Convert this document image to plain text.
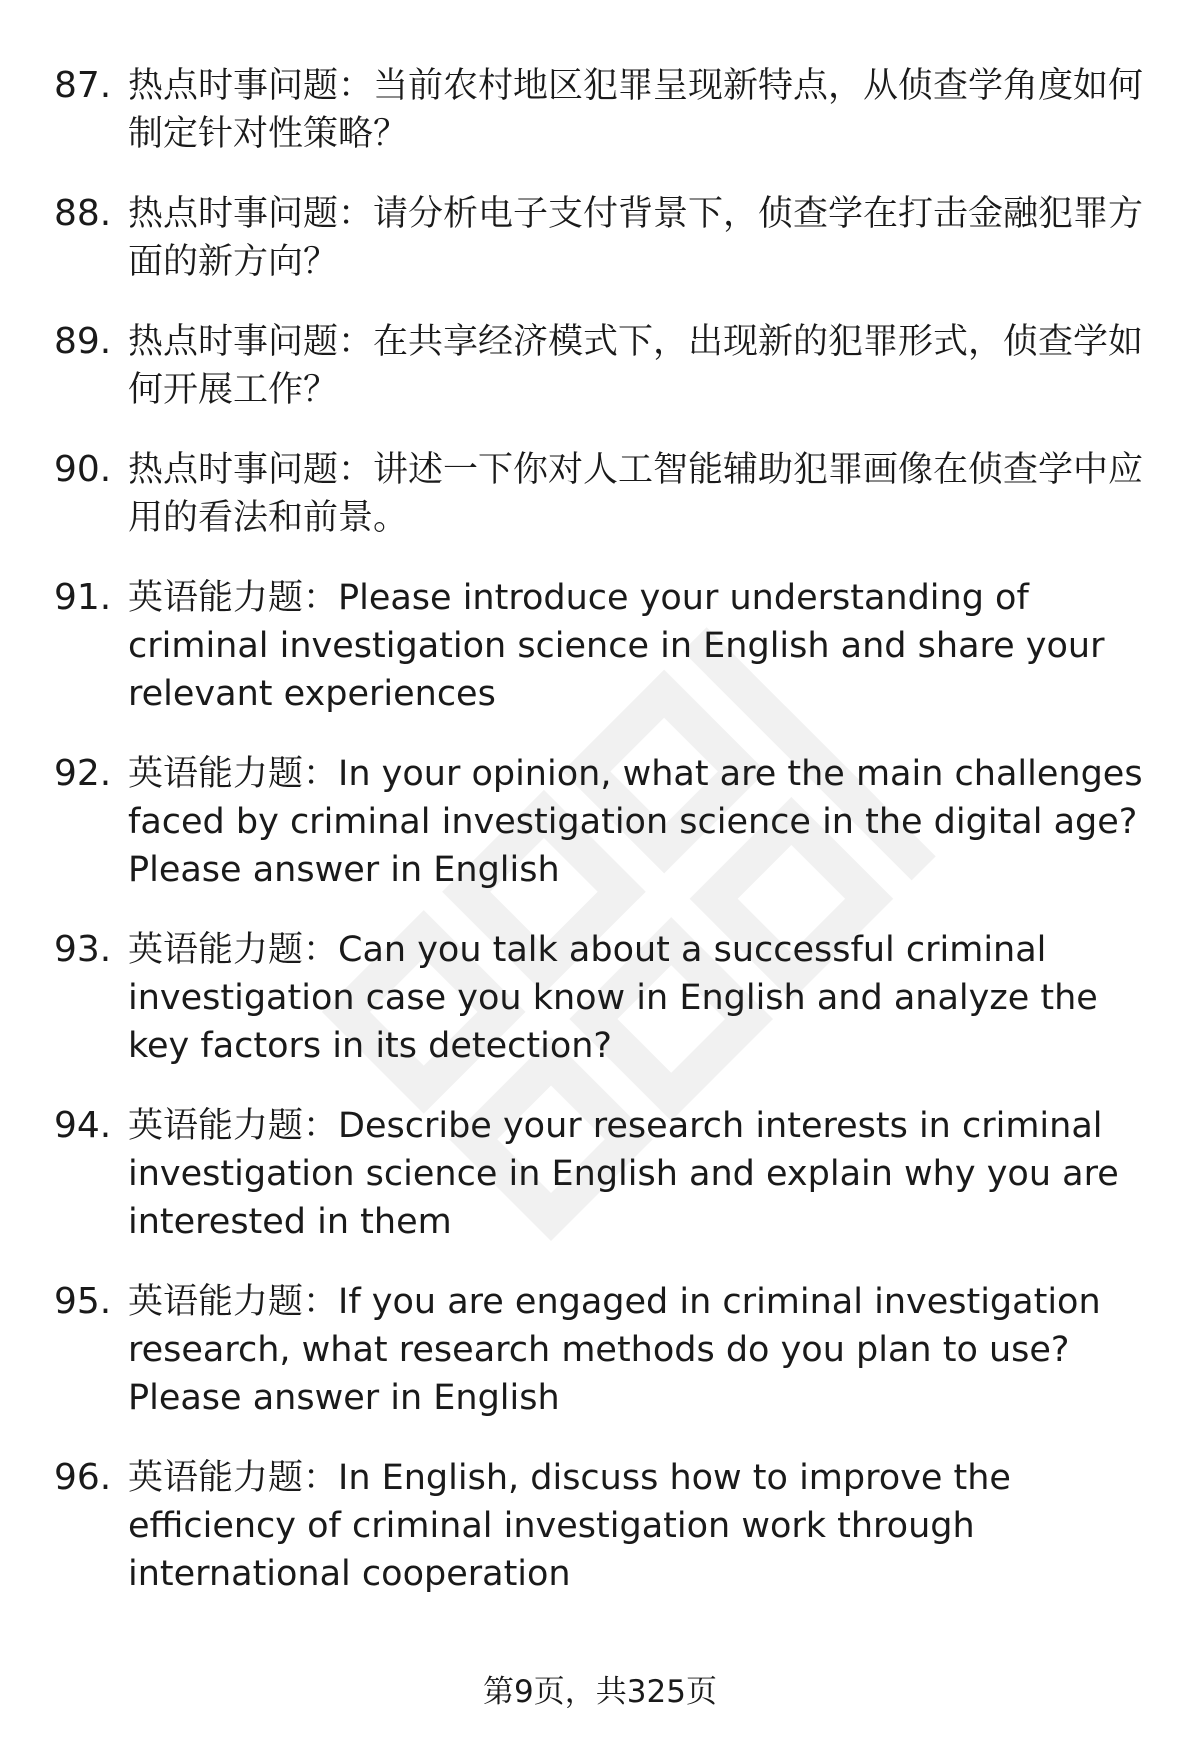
87. 热点时事问题：当前农村地区犯罪呈现新特点，从侦查学角度如何制定针对性策略？
88. 热点时事问题：请分析电子支付背景下，侦查学在打击金融犯罪方面的新方向？
89. 热点时事问题：在共享经济模式下，出现新的犯罪形式，侦查学如何开展工作？
90. 热点时事问题：讲述一下你对人工智能辅助犯罪画像在侦查学中应用的看法和前景。
91. 英语能力题：Please introduce your understanding of criminal investigation science in English and share your relevant experiences
92. 英语能力题：In your opinion, what are the main challenges faced by criminal investigation science in the digital age? Please answer in English
93. 英语能力题：Can you talk about a successful criminal investigation case you know in English and analyze the key factors in its detection?
94. 英语能力题：Describe your research interests in criminal investigation science in English and explain why you are interested in them
95. 英语能力题：If you are engaged in criminal investigation research, what research methods do you plan to use? Please answer in English
96. 英语能力题：In English, discuss how to improve the efficiency of criminal investigation work through international cooperation
第9页，共325页
